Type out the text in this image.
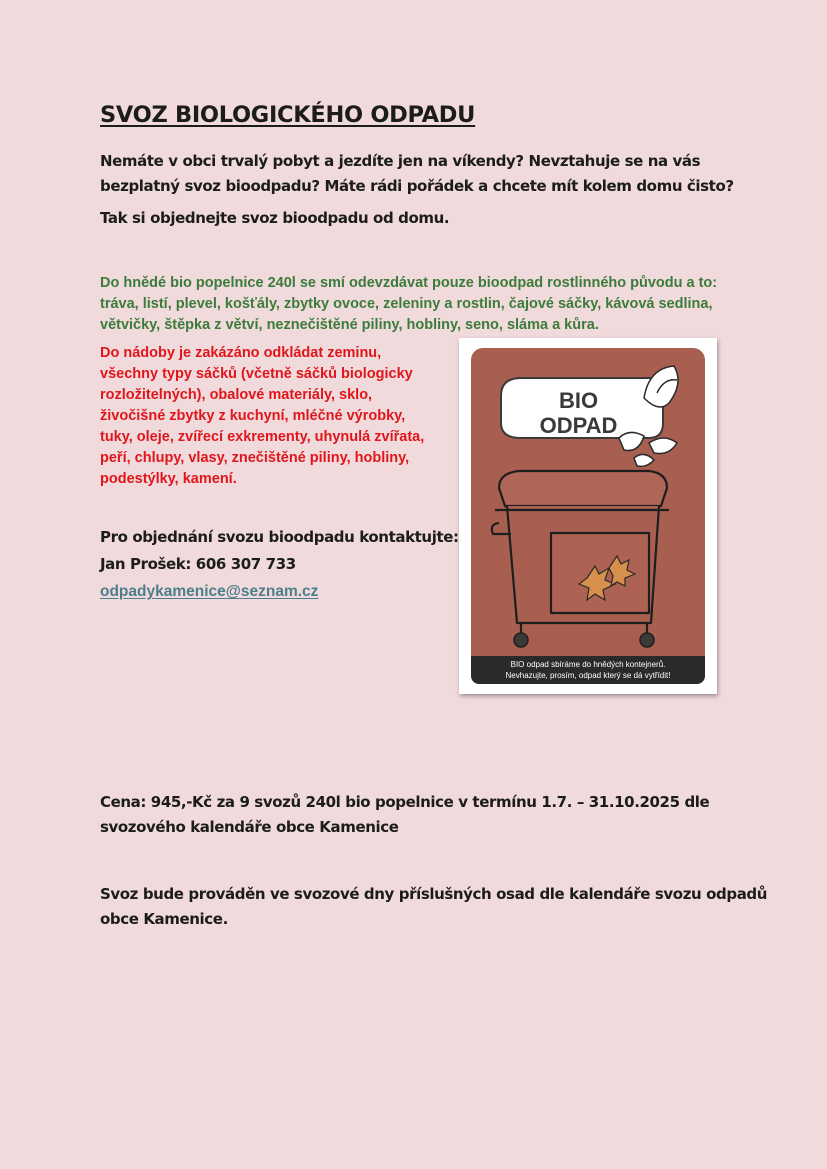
SVOZ BIOLOGICKÉHO ODPADU

Nemáte v obci trvalý pobyt a jezdíte jen na víkendy? Nevztahuje se na vás

bezplatný svoz bioodpadu? Máte rádi pořádek a chcete mít kolem domu čisto?

Tak si objednejte svoz bioodpadu od domu.

Do hnědé bio popelnice 240l se smí odevzdávat pouze bioodpad rostlinného původu a to:

tráva, listí, plevel, košťály, zbytky ovoce, zeleniny a rostlin, čajové sáčky, kávová sedlina,

větvičky, štěpka z větví, neznečištěné piliny, hobliny, seno, sláma a kůra.

Do nádoby je zakázáno odkládat zeminu,

všechny typy sáčků (včetně sáčků biologicky

rozložitelných), obalové materiály, sklo,

živočišné zbytky z kuchyní, mléčné výrobky,

tuky, oleje, zvířecí exkrementy, uhynulá zvířata,

peří, chlupy, vlasy, znečištěné piliny, hobliny,

podestýlky, kamení.

Pro objednání svozu bioodpadu kontaktujte:

Jan Prošek: 606 307 733

odpadykamenice@seznam.cz
BIO
ODPAD
BIO odpad sbíráme do hnědých kontejnerů.
Nevhazujte, prosím, odpad který se dá vytřídit!

Cena: 945,-Kč za 9 svozů 240l bio popelnice v termínu 1.7. – 31.10.2025 dle

svozového kalendáře obce Kamenice

Svoz bude prováděn ve svozové dny příslušných osad dle kalendáře svozu odpadů

obce Kamenice.
